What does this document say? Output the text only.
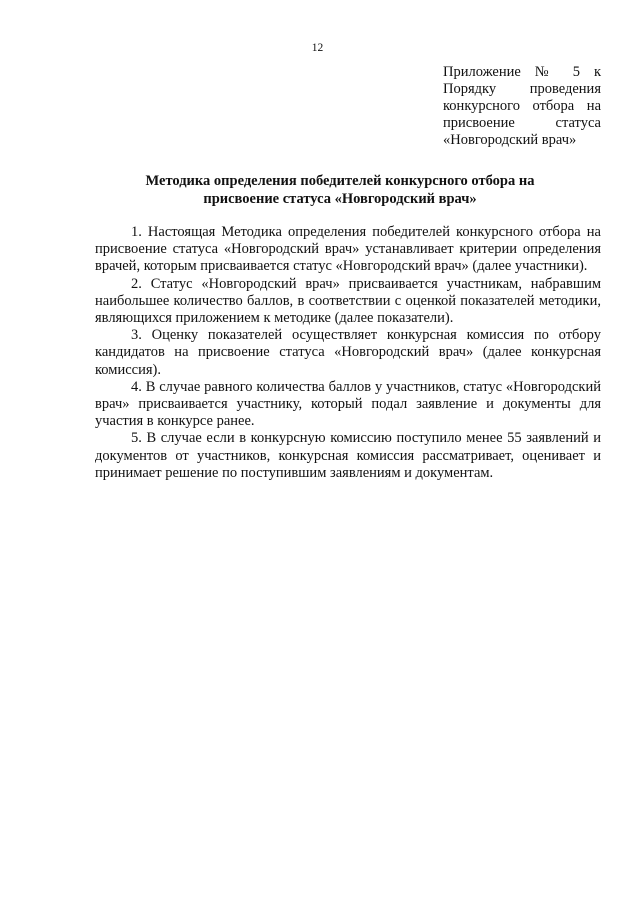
12
Приложение № 5 к
Порядку проведения
конкурсного отбора на
присвоение статуса
«Новгородский врач»
Методика определения победителей конкурсного отбора на
присвоение статуса «Новгородский врач»

1. Настоящая Методика определения победителей конкурсного отбора на присвоение статуса «Новгородский врач» устанавливает критерии определения врачей, которым присваивается статус «Новгородский врач» (далее участники).

2. Статус «Новгородский врач» присваивается участникам, набравшим наибольшее количество баллов, в соответствии с оценкой показателей методики, являющихся приложением к методике (далее показатели).

3. Оценку показателей осуществляет конкурсная комиссия по отбору кандидатов на присвоение статуса «Новгородский врач» (далее конкурсная комиссия).

4. В случае равного количества баллов у участников, статус «Новгородский врач» присваивается участнику, который подал заявление и документы для участия в конкурсе ранее.

5. В случае если в конкурсную комиссию поступило менее 55 заявлений и документов от участников, конкурсная комиссия рассматривает, оценивает и принимает решение по поступившим заявлениям и документам.
